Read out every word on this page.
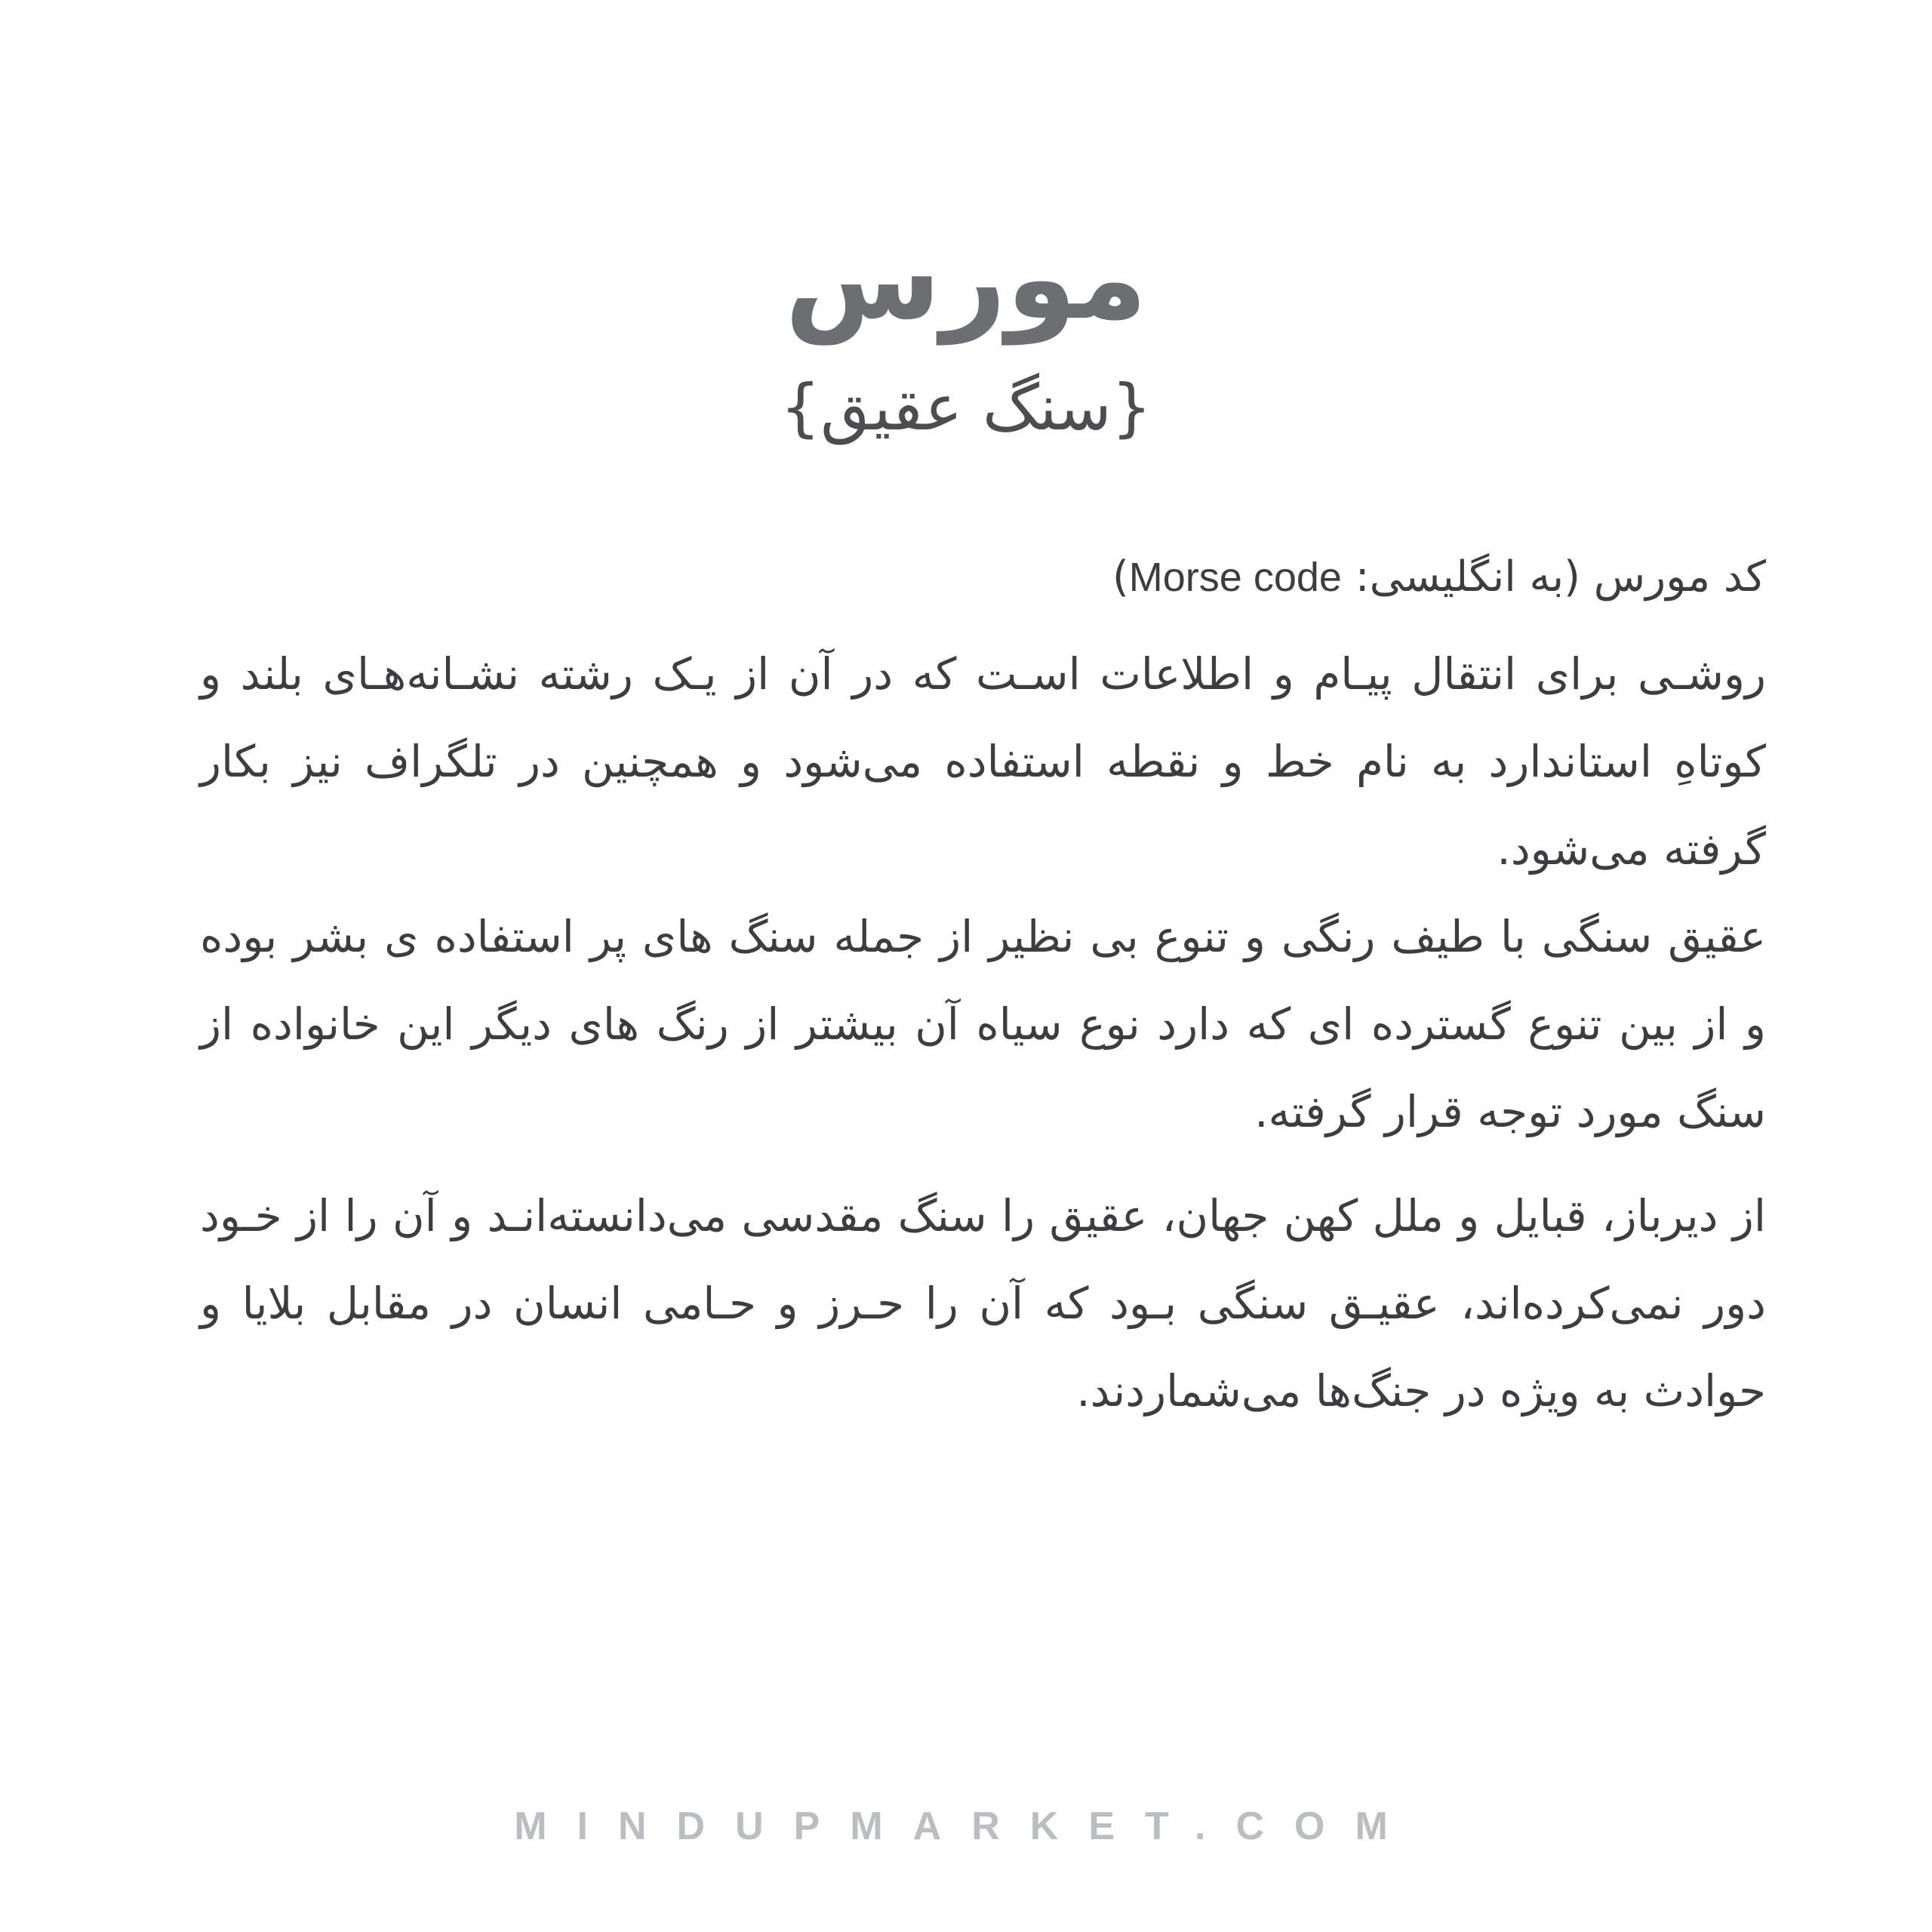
مورس
{سنگ عقیق}

کد مورس (به انگلیسی: Morse code)

روشـی برای انتقال پیـام و اطلاعات اسـت که در آن از یـک رشته نشـانه‌هـای بلند و کوتاهِ استاندارد به نام خط و نقطه استفاده می‌شود و همچنین در تلگراف نیز بکار گرفته می‌شود.

عقیق سنگی با طیف رنگی و تنوع بی نظیر از جمله سنگ های پر استفاده ی بشر بوده و از بین تنوع گسترده ای که دارد نوع سیاه آن بیشتر از رنگ های دیگر این خانواده از سنگ مورد توجه قرار گرفته.

از دیرباز، قبایل و ملل کهن جهان، عقیق را سنگ مقدسی می‌دانسته‌انـد و آن را از خـود دور نمی‌کرده‌اند، عقیـق سنگی بـود که آن را حـرز و حـامی انسان در مقابل بلایا و حوادث به ویژه در جنگ‌ها می‌شماردند.

MINDUPMARKET.COM
